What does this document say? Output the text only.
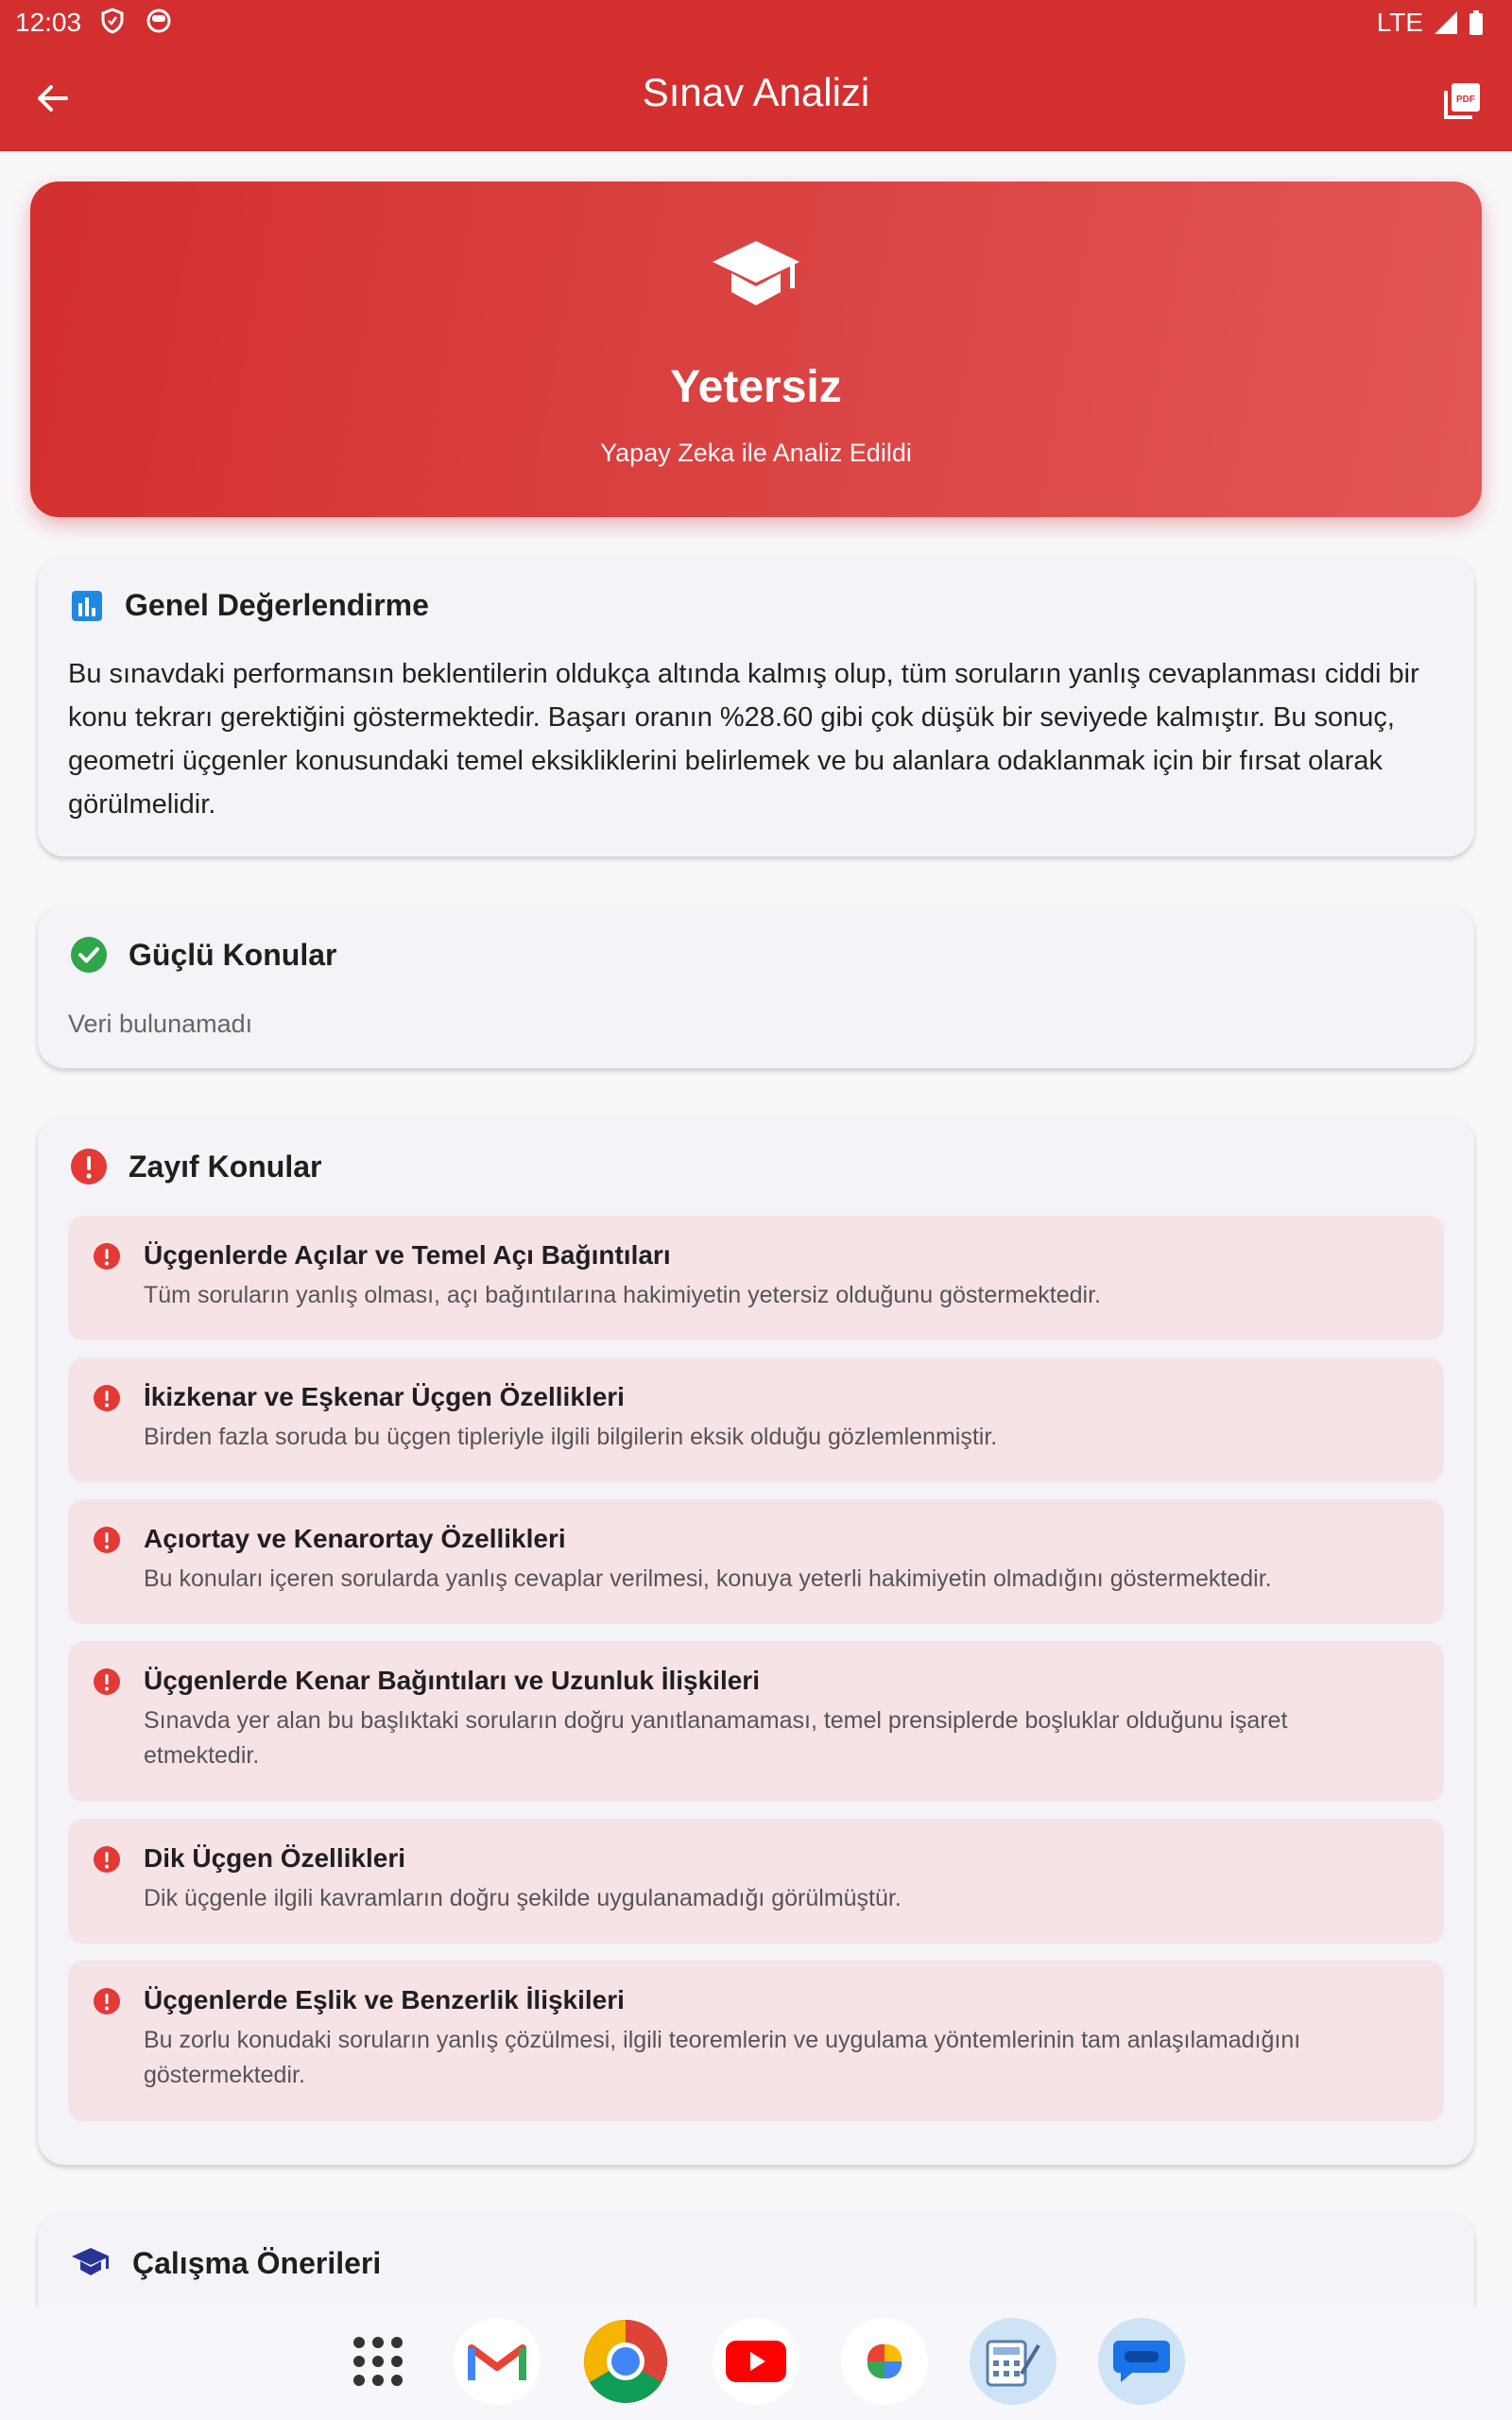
12:03	LTE
Sınav Analizi	PDF
Yetersiz
Yapay Zeka ile Analiz Edildi
Genel Değerlendirme
Bu sınavdaki performansın beklentilerin oldukça altında kalmış olup, tüm soruların yanlış cevaplanması ciddi bir konu tekrarı gerektiğini göstermektedir. Başarı oranın %28.60 gibi çok düşük bir seviyede kalmıştır. Bu sonuç, geometri üçgenler konusundaki temel eksikliklerini belirlemek ve bu alanlara odaklanmak için bir fırsat olarak görülmelidir.
Güçlü Konular
Veri bulunamadı
Zayıf Konular
Üçgenlerde Açılar ve Temel Açı Bağıntıları
Tüm soruların yanlış olması, açı bağıntılarına hakimiyetin yetersiz olduğunu göstermektedir.
İkizkenar ve Eşkenar Üçgen Özellikleri
Birden fazla soruda bu üçgen tipleriyle ilgili bilgilerin eksik olduğu gözlemlenmiştir.
Açıortay ve Kenarortay Özellikleri
Bu konuları içeren sorularda yanlış cevaplar verilmesi, konuya yeterli hakimiyetin olmadığını göstermektedir.
Üçgenlerde Kenar Bağıntıları ve Uzunluk İlişkileri
Sınavda yer alan bu başlıktaki soruların doğru yanıtlanamaması, temel prensiplerde boşluklar olduğunu işaret etmektedir.
Dik Üçgen Özellikleri
Dik üçgenle ilgili kavramların doğru şekilde uygulanamadığı görülmüştür.
Üçgenlerde Eşlik ve Benzerlik İlişkileri
Bu zorlu konudaki soruların yanlış çözülmesi, ilgili teoremlerin ve uygulama yöntemlerinin tam anlaşılamadığını göstermektedir.
Çalışma Önerileri
